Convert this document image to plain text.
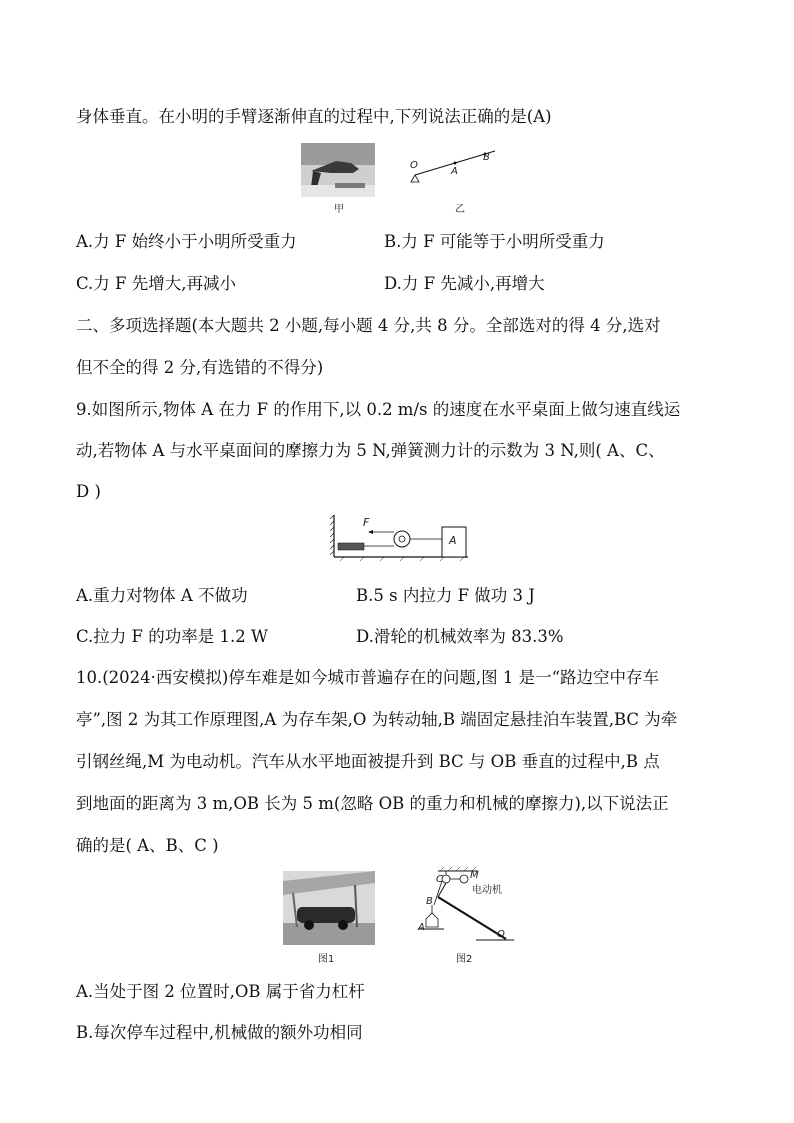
身体垂直。在小明的手臂逐渐伸直的过程中,下列说法正确的是(A)
甲
O
A
B
乙
A.力 F 始终小于小明所受重力	B.力 F 可能等于小明所受重力
C.力 F 先增大,再减小	D.力 F 先减小,再增大
二、多项选择题(本大题共 2 小题,每小题 4 分,共 8 分。全部选对的得 4 分,选对
但不全的得 2 分,有选错的不得分)
9.如图所示,物体 A 在力 F 的作用下,以 0.2 m/s 的速度在水平桌面上做匀速直线运
动,若物体 A 与水平桌面间的摩擦力为 5 N,弹簧测力计的示数为 3 N,则( A、C、
D )
F
A
A.重力对物体 A 不做功	B.5 s 内拉力 F 做功 3 J
C.拉力 F 的功率是 1.2 W	D.滑轮的机械效率为 83.3%
10.(2024·西安模拟)停车难是如今城市普遍存在的问题,图 1 是一“路边空中存车
亭”,图 2 为其工作原理图,A 为存车架,O 为转动轴,B 端固定悬挂泊车装置,BC 为牵
引钢丝绳,M 为电动机。汽车从水平地面被提升到 BC 与 OB 垂直的过程中,B 点
到地面的距离为 3 m,OB 长为 5 m(忽略 OB 的重力和机械的摩擦力),以下说法正
确的是( A、B、C )
图1
C	M
电动机
B
A
O
图2
A.当处于图 2 位置时,OB 属于省力杠杆
B.每次停车过程中,机械做的额外功相同
